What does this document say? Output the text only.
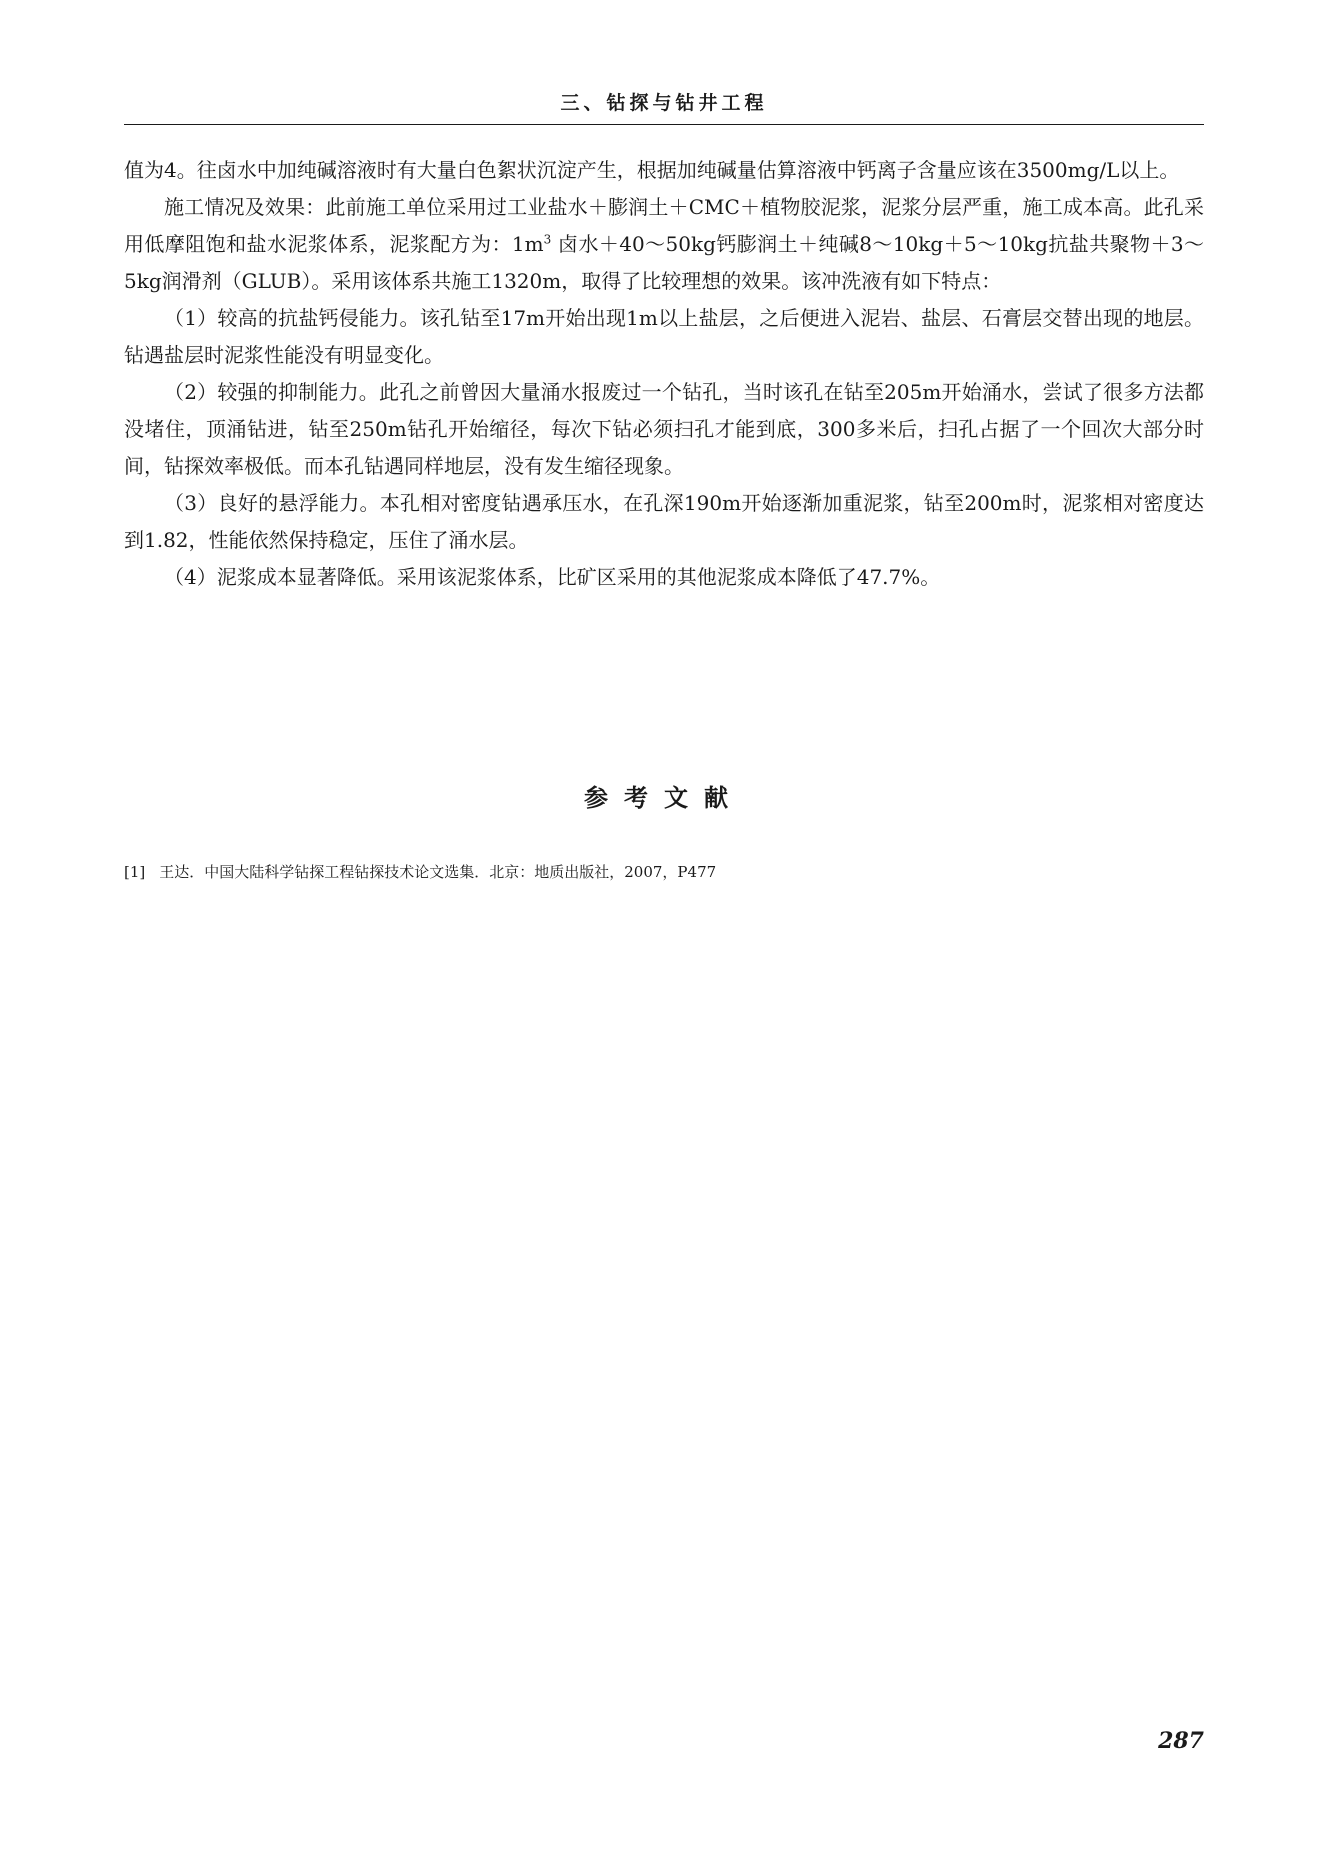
三、钻探与钻井工程

值为4。往卤水中加纯碱溶液时有大量白色絮状沉淀产生，根据加纯碱量估算溶液中钙离子含量应该在3500mg/L以上。

施工情况及效果：此前施工单位采用过工业盐水＋膨润土＋CMC＋植物胶泥浆，泥浆分层严重，施工成本高。此孔采用低摩阻饱和盐水泥浆体系，泥浆配方为：$1m^3$ 卤水＋40～50kg钙膨润土＋纯碱8～10kg＋5～10kg抗盐共聚物＋3～5kg润滑剂（GLUB）。采用该体系共施工1320m，取得了比较理想的效果。该冲洗液有如下特点：

（1）较高的抗盐钙侵能力。该孔钻至17m开始出现1m以上盐层，之后便进入泥岩、盐层、石膏层交替出现的地层。钻遇盐层时泥浆性能没有明显变化。

（2）较强的抑制能力。此孔之前曾因大量涌水报废过一个钻孔，当时该孔在钻至205m开始涌水，尝试了很多方法都没堵住，顶涌钻进，钻至250m钻孔开始缩径，每次下钻必须扫孔才能到底，300多米后，扫孔占据了一个回次大部分时间，钻探效率极低。而本孔钻遇同样地层，没有发生缩径现象。

（3）良好的悬浮能力。本孔相对密度钻遇承压水，在孔深190m开始逐渐加重泥浆，钻至200m时，泥浆相对密度达到1.82，性能依然保持稳定，压住了涌水层。

（4）泥浆成本显著降低。采用该泥浆体系，比矿区采用的其他泥浆成本降低了47.7%。

参考文献
[1] 王达．中国大陆科学钻探工程钻探技术论文选集．北京：地质出版社，2007，P477
287
